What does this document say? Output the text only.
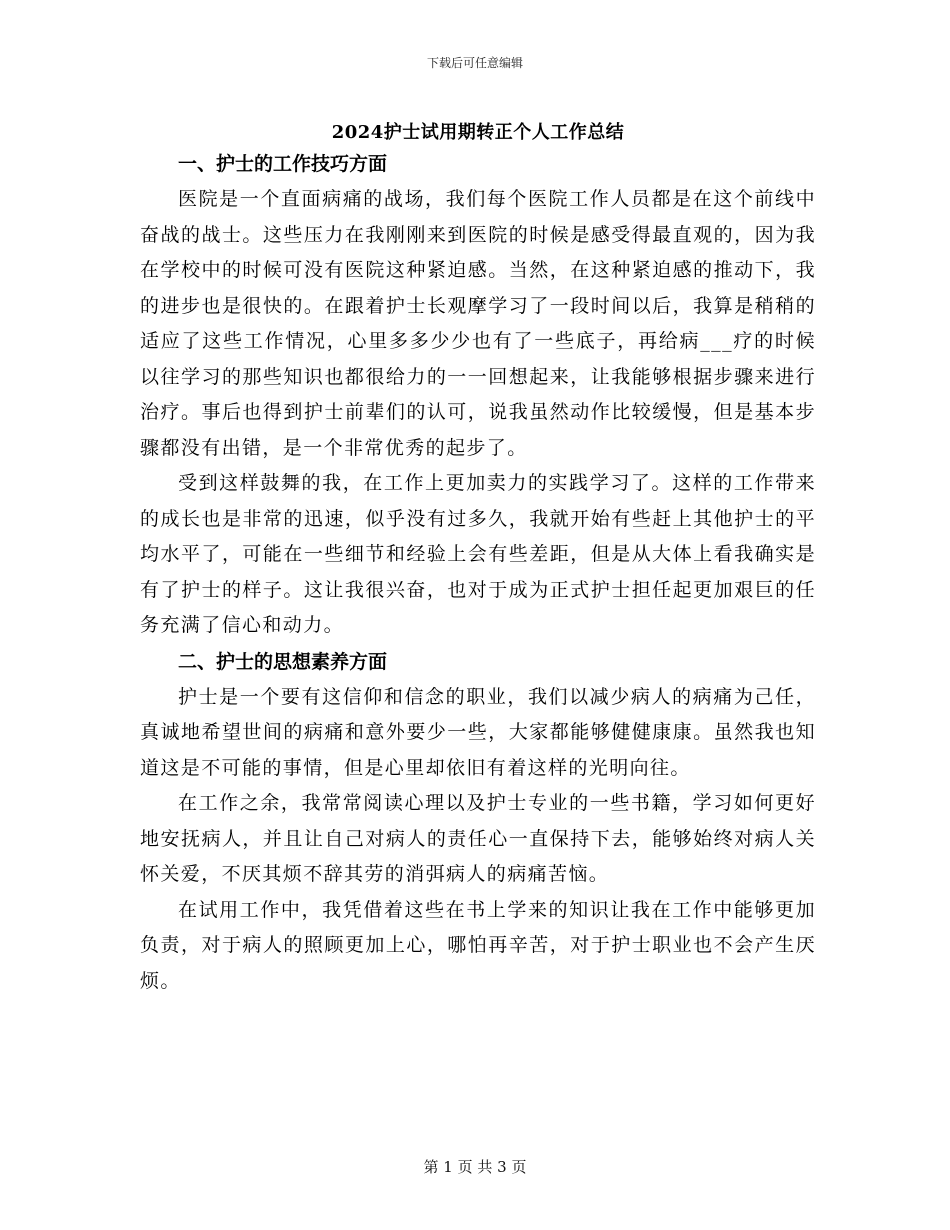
下载后可任意编辑
2024护士试用期转正个人工作总结

一、护士的工作技巧方面

医院是一个直面病痛的战场，我们每个医院工作人员都是在这个前线中奋战的战士。这些压力在我刚刚来到医院的时候是感受得最直观的，因为我在学校中的时候可没有医院这种紧迫感。当然，在这种紧迫感的推动下，我的进步也是很快的。在跟着护士长观摩学习了一段时间以后，我算是稍稍的适应了这些工作情况，心里多多少少也有了一些底子，再给病___疗的时候以往学习的那些知识也都很给力的一一回想起来，让我能够根据步骤来进行治疗。事后也得到护士前辈们的认可，说我虽然动作比较缓慢，但是基本步骤都没有出错，是一个非常优秀的起步了。

受到这样鼓舞的我，在工作上更加卖力的实践学习了。这样的工作带来的成长也是非常的迅速，似乎没有过多久，我就开始有些赶上其他护士的平均水平了，可能在一些细节和经验上会有些差距，但是从大体上看我确实是有了护士的样子。这让我很兴奋，也对于成为正式护士担任起更加艰巨的任务充满了信心和动力。

二、护士的思想素养方面

护士是一个要有这信仰和信念的职业，我们以减少病人的病痛为己任，真诚地希望世间的病痛和意外要少一些，大家都能够健健康康。虽然我也知道这是不可能的事情，但是心里却依旧有着这样的光明向往。

在工作之余，我常常阅读心理以及护士专业的一些书籍，学习如何更好地安抚病人，并且让自己对病人的责任心一直保持下去，能够始终对病人关怀关爱，不厌其烦不辞其劳的消弭病人的病痛苦恼。

在试用工作中，我凭借着这些在书上学来的知识让我在工作中能够更加负责，对于病人的照顾更加上心，哪怕再辛苦，对于护士职业也不会产生厌烦。

第 1 页 共 3 页
